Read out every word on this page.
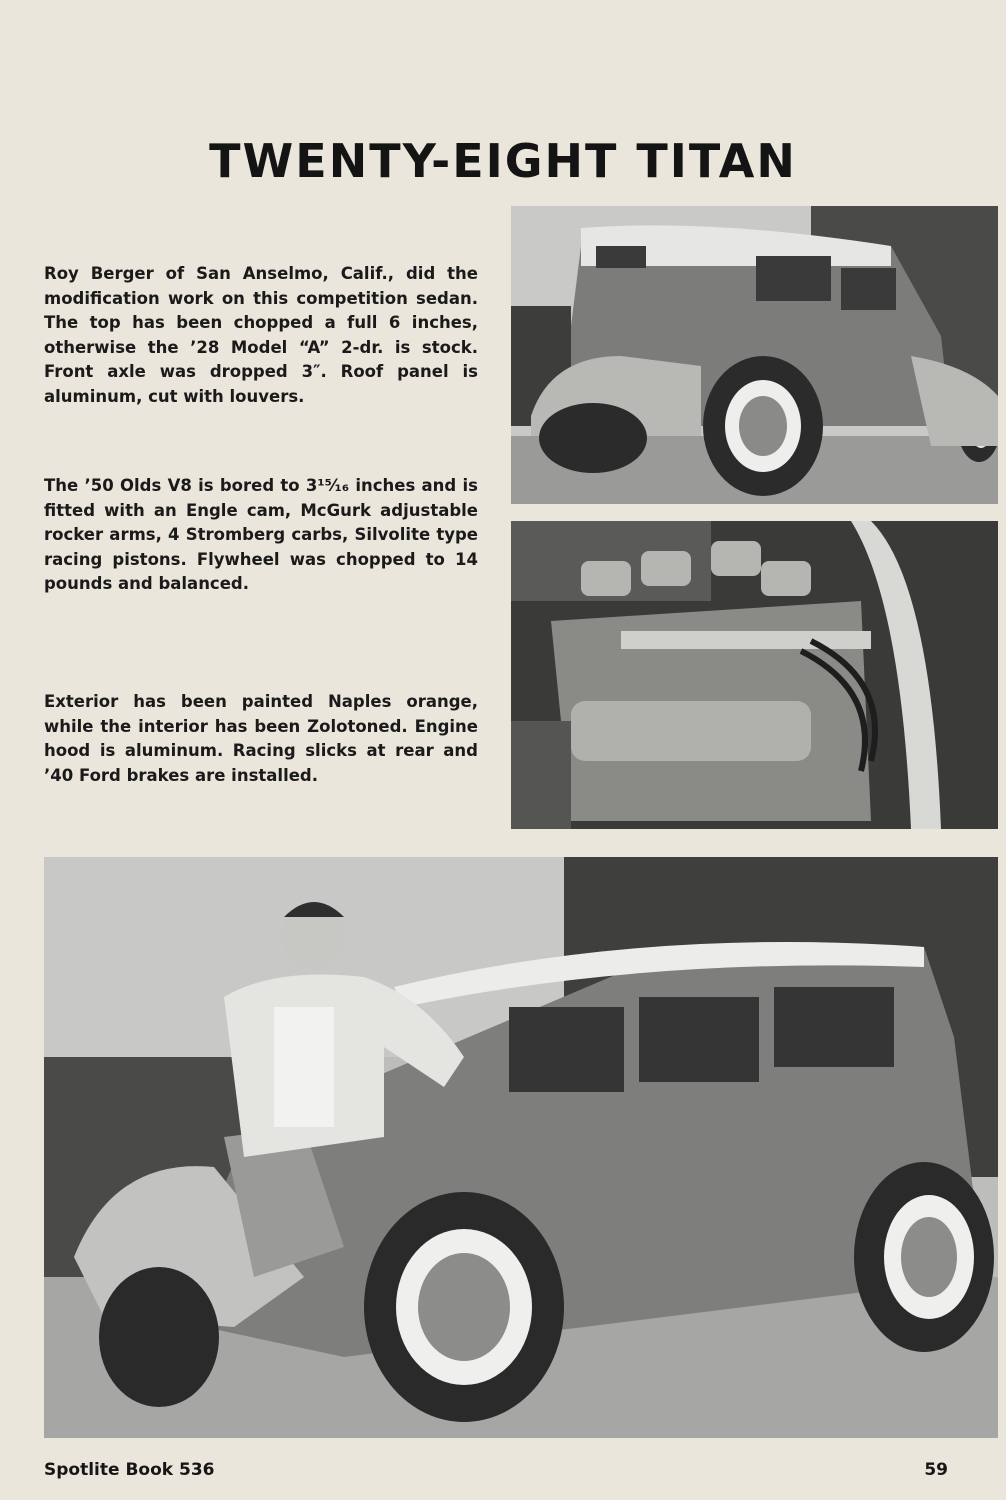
TWENTY-EIGHT TITAN
Roy Berger of San Anselmo, Calif., did the modification work on this competition sedan. The top has been chopped a full 6 inches, otherwise the ’28 Model “A” 2-dr. is stock. Front axle was dropped 3″. Roof panel is aluminum, cut with louvers.
The ’50 Olds V8 is bored to 3¹⁵⁄₁₆ inches and is fitted with an Engle cam, McGurk adjustable rocker arms, 4 Stromberg carbs, Silvolite type racing pistons. Flywheel was chopped to 14 pounds and balanced.
Exterior has been painted Naples orange, while the interior has been Zolotoned. Engine hood is aluminum. Racing slicks at rear and ’40 Ford brakes are installed.
Spotlite Book 536	59
